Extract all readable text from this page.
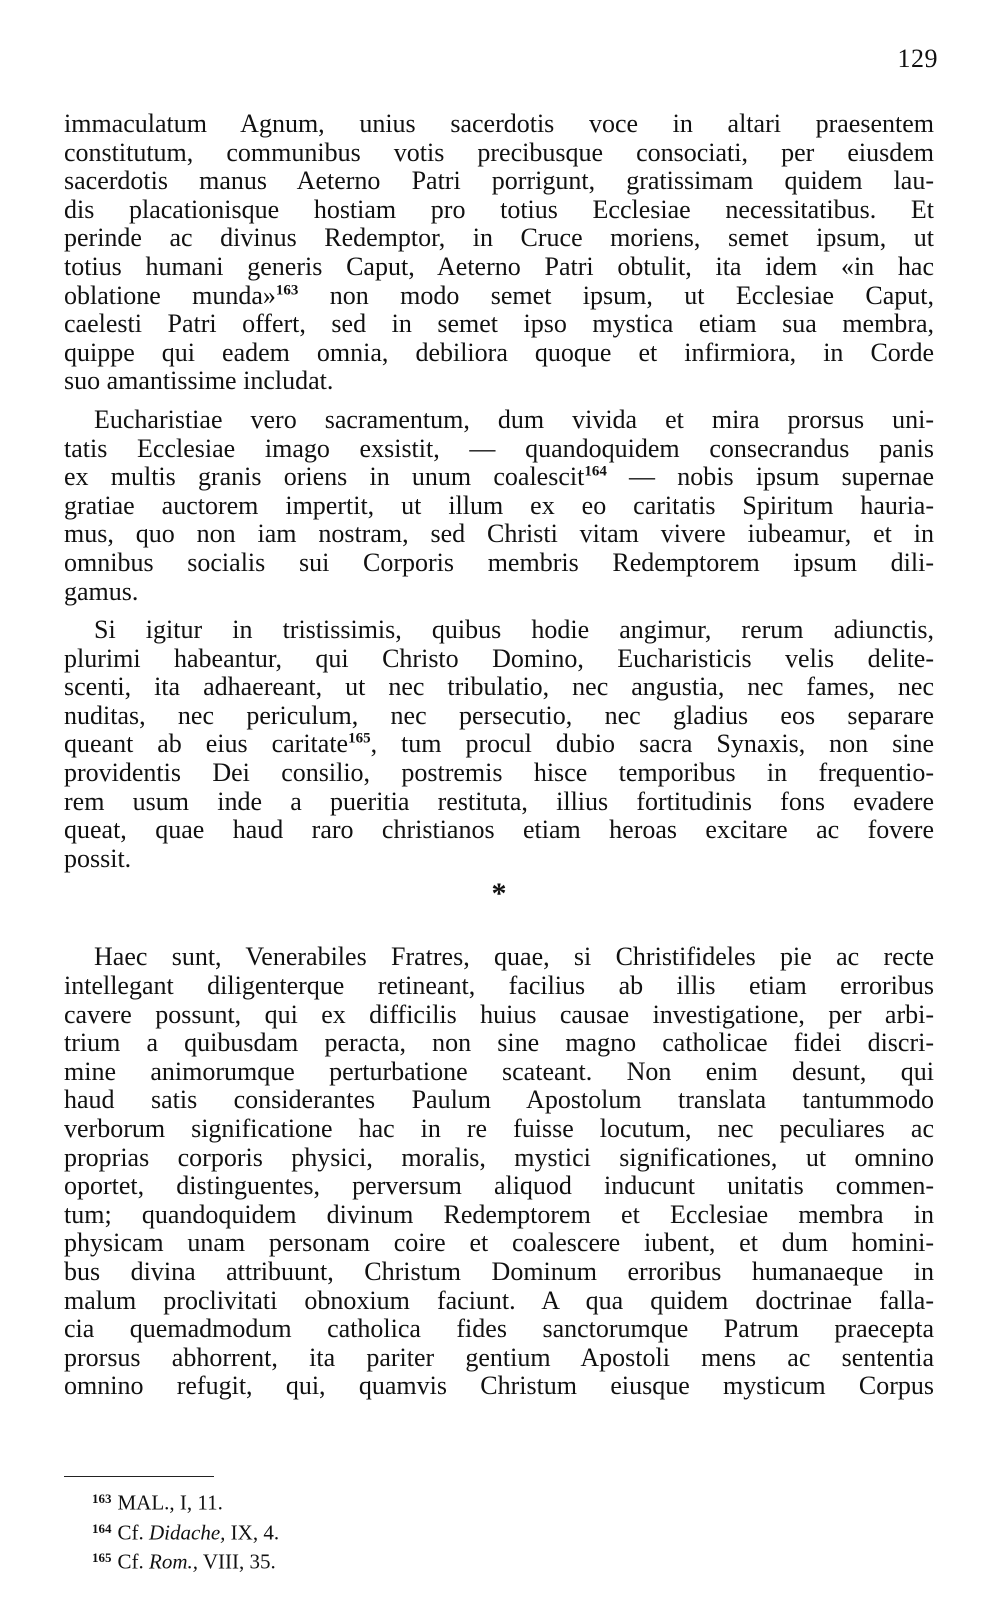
129

immaculatum Agnum, unius sacerdotis voce in altari praesentem
constitutum, communibus votis precibusque consociati, per eiusdem
sacerdotis manus Aeterno Patri porrigunt, gratissimam quidem lau-
dis placationisque hostiam pro totius Ecclesiae necessitatibus. Et
perinde ac divinus Redemptor, in Cruce moriens, semet ipsum, ut
totius humani generis Caput, Aeterno Patri obtulit, ita idem «in hac
oblatione munda»$^{163}$ non modo semet ipsum, ut Ecclesiae Caput,
caelesti Patri offert, sed in semet ipso mystica etiam sua membra,
quippe qui eadem omnia, debiliora quoque et infirmiora, in Corde
suo amantissime includat.

Eucharistiae vero sacramentum, dum vivida et mira prorsus uni-
tatis Ecclesiae imago exsistit, — quandoquidem consecrandus panis
ex multis granis oriens in unum coalescit$^{164}$ — nobis ipsum supernae
gratiae auctorem impertit, ut illum ex eo caritatis Spiritum hauria-
mus, quo non iam nostram, sed Christi vitam vivere iubeamur, et in
omnibus socialis sui Corporis membris Redemptorem ipsum dili-
gamus.

Si igitur in tristissimis, quibus hodie angimur, rerum adiunctis,
plurimi habeantur, qui Christo Domino, Eucharisticis velis delite-
scenti, ita adhaereant, ut nec tribulatio, nec angustia, nec fames, nec
nuditas, nec periculum, nec persecutio, nec gladius eos separare
queant ab eius caritate$^{165}$, tum procul dubio sacra Synaxis, non sine
providentis Dei consilio, postremis hisce temporibus in frequentio-
rem usum inde a pueritia restituta, illius fortitudinis fons evadere
queat, quae haud raro christianos etiam heroas excitare ac fovere
possit.

*

Haec sunt, Venerabiles Fratres, quae, si Christifideles pie ac recte
intellegant diligenterque retineant, facilius ab illis etiam erroribus
cavere possunt, qui ex difficilis huius causae investigatione, per arbi-
trium a quibusdam peracta, non sine magno catholicae fidei discri-
mine animorumque perturbatione scateant. Non enim desunt, qui
haud satis considerantes Paulum Apostolum translata tantummodo
verborum significatione hac in re fuisse locutum, nec peculiares ac
proprias corporis physici, moralis, mystici significationes, ut omnino
oportet, distinguentes, perversum aliquod inducunt unitatis commen-
tum; quandoquidem divinum Redemptorem et Ecclesiae membra in
physicam unam personam coire et coalescere iubent, et dum homini-
bus divina attribuunt, Christum Dominum erroribus humanaeque in
malum proclivitati obnoxium faciunt. A qua quidem doctrinae falla-
cia quemadmodum catholica fides sanctorumque Patrum praecepta
prorsus abhorrent, ita pariter gentium Apostoli mens ac sententia
omnino refugit, qui, quamvis Christum eiusque mysticum Corpus

$^{163}$ MAL., I, 11.
$^{164}$ Cf. Didache, IX, 4.
$^{165}$ Cf. Rom., VIII, 35.
